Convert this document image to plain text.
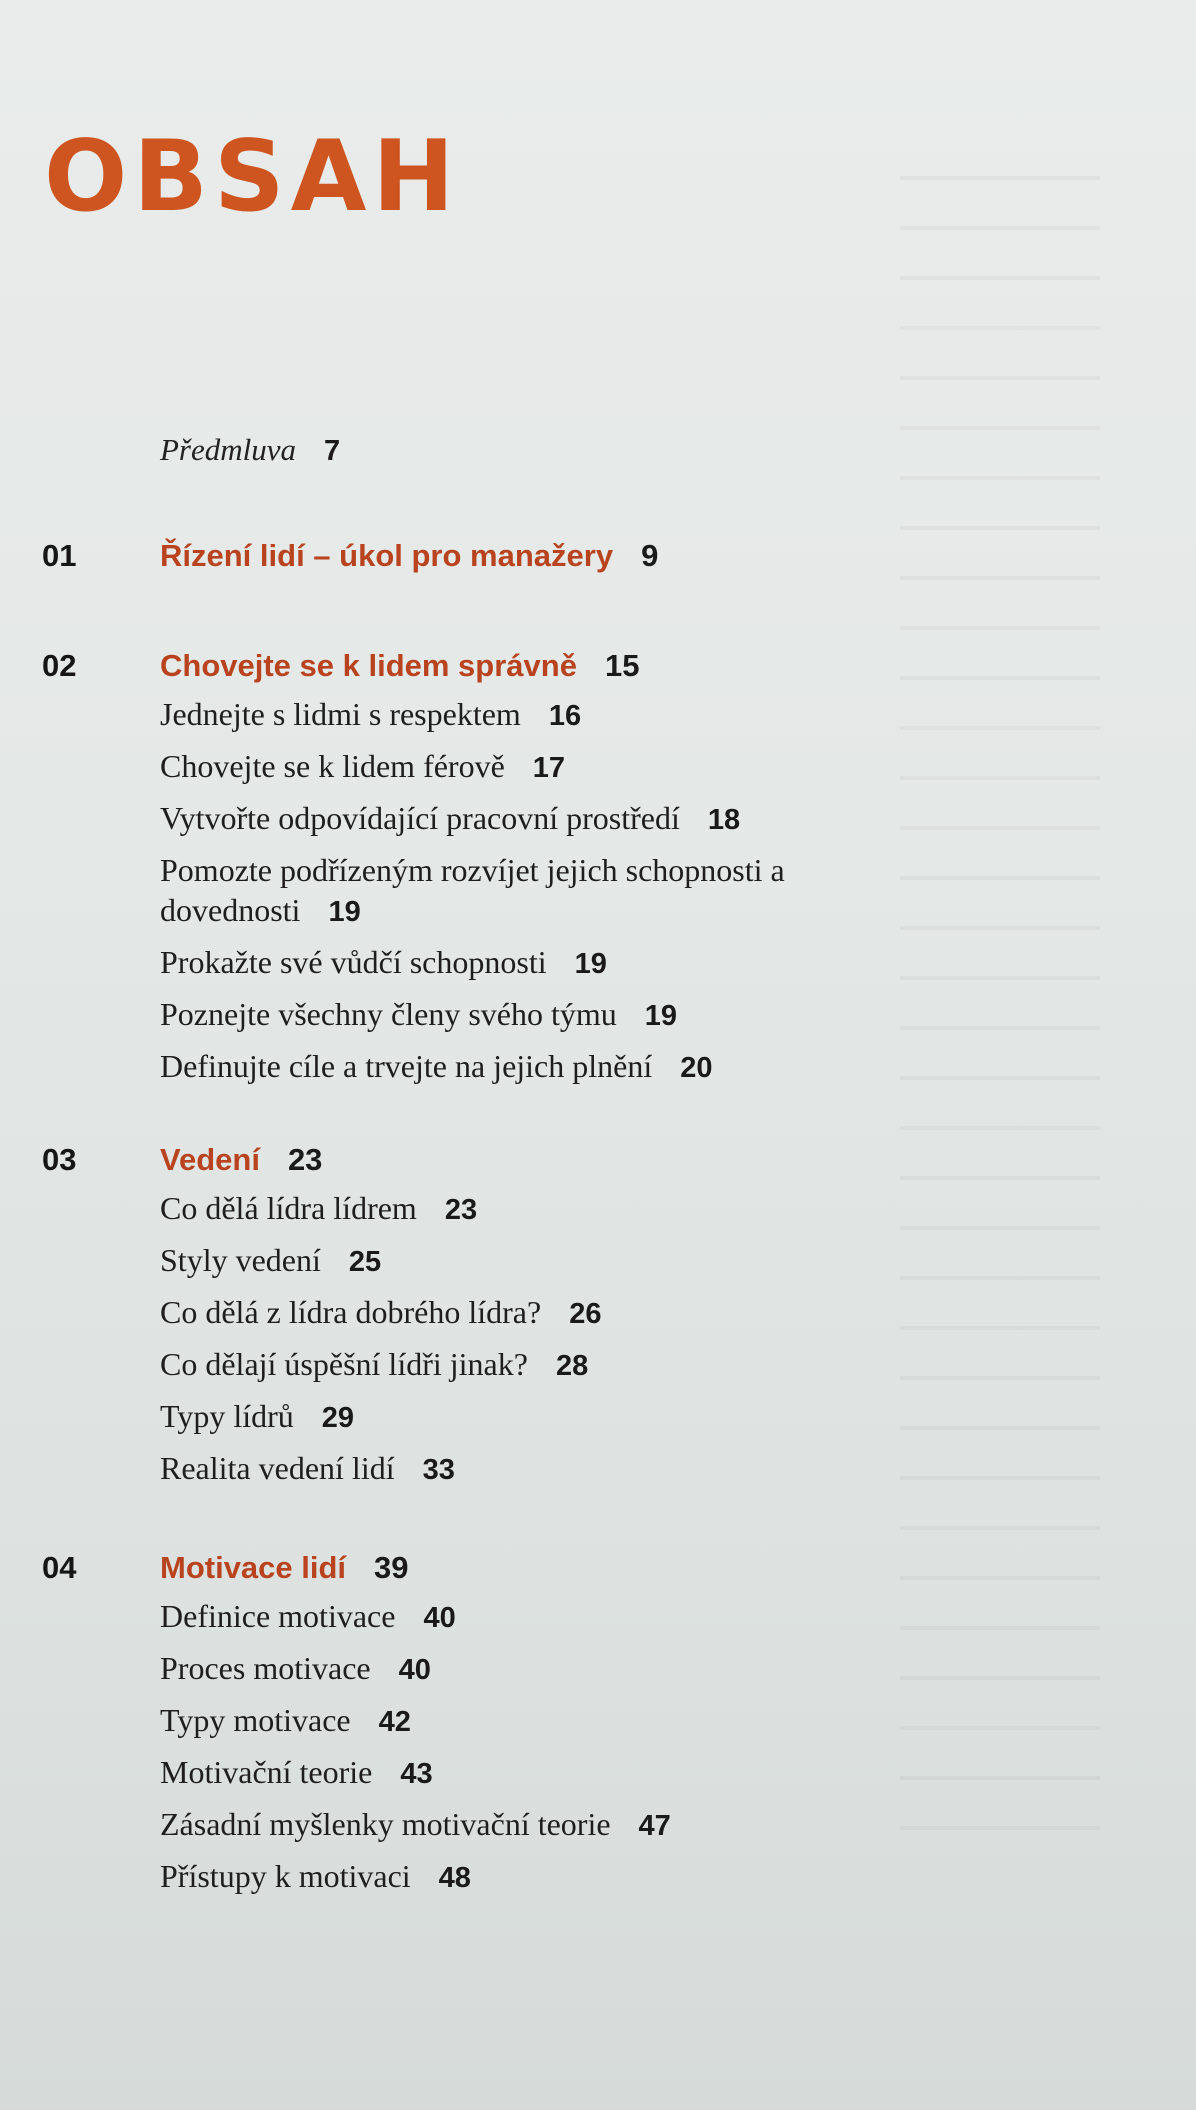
OBSAH
Předmluva 7
01	Řízení lidí – úkol pro manažery 9
02	Chovejte se k lidem správně 15
Jednejte s lidmi s respektem 16
Chovejte se k lidem férově 17
Vytvořte odpovídající pracovní prostředí 18
Pomozte podřízeným rozvíjet jejich schopnosti a dovednosti 19
Prokažte své vůdčí schopnosti 19
Poznejte všechny členy svého týmu 19
Definujte cíle a trvejte na jejich plnění 20
03	Vedení 23
Co dělá lídra lídrem 23
Styly vedení 25
Co dělá z lídra dobrého lídra? 26
Co dělají úspěšní lídři jinak? 28
Typy lídrů 29
Realita vedení lidí 33
04	Motivace lidí 39
Definice motivace 40
Proces motivace 40
Typy motivace 42
Motivační teorie 43
Zásadní myšlenky motivační teorie 47
Přístupy k motivaci 48
